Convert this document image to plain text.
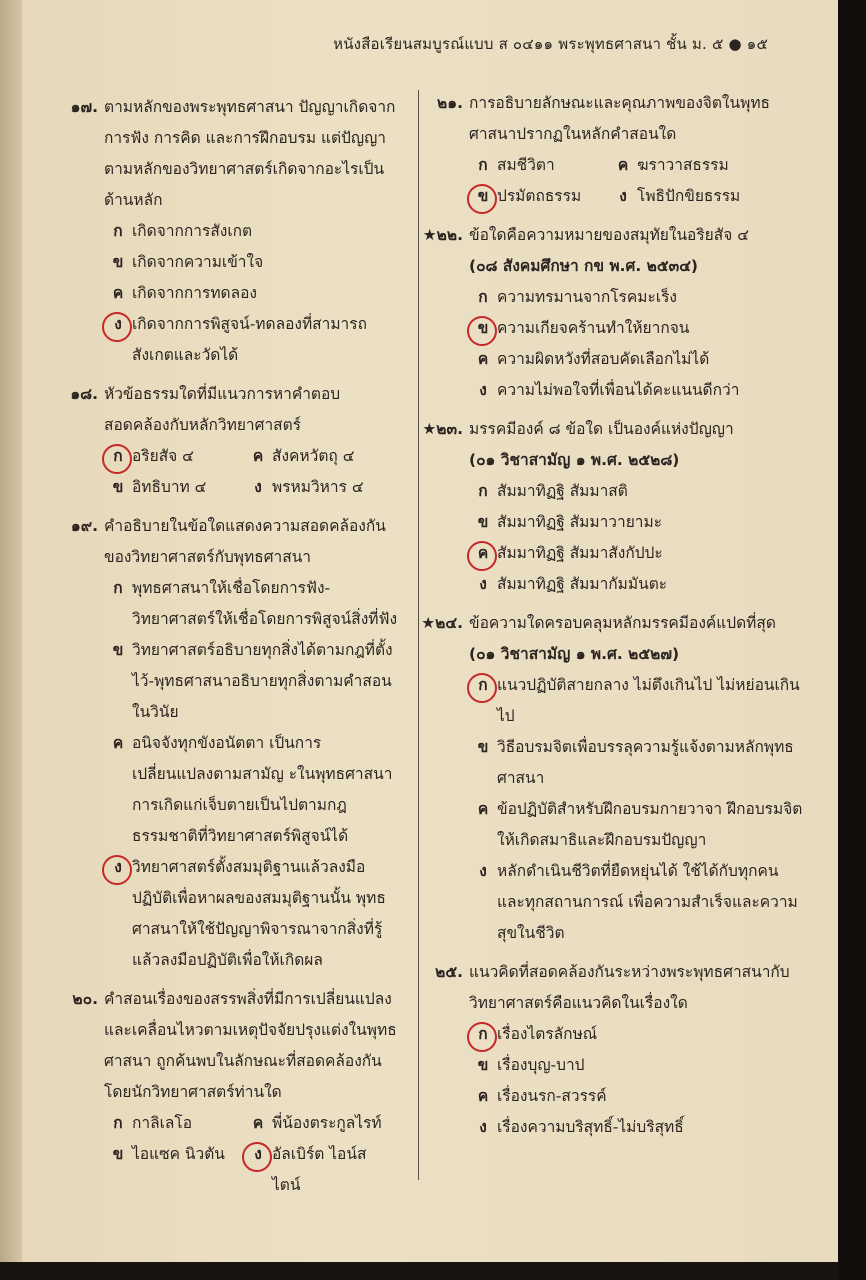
หนังสือเรียนสมบูรณ์แบบ ส ๐๔๑๑ พระพุทธศาสนา ชั้น ม. ๕ ● ๑๕
๑๗. ตามหลักของพระพุทธศาสนา ปัญญาเกิดจาก การฟัง การคิด และการฝึกอบรม แต่ปัญญาตามหลักของวิทยาศาสตร์เกิดจากอะไรเป็นด้านหลัก
ก เกิดจากการสังเกต
ข เกิดจากความเข้าใจ
ค เกิดจากการทดลอง
ง เกิดจากการพิสูจน์-ทดลองที่สามารถสังเกตและวัดได้
๑๘. หัวข้อธรรมใดที่มีแนวการหาคำตอบสอดคล้องกับหลักวิทยาศาสตร์
ก อริยสัจ ๔	ค สังคหวัตถุ ๔
ข อิทธิบาท ๔	ง พรหมวิหาร ๔
๑๙. คำอธิบายในข้อใดแสดงความสอดคล้องกันของวิทยาศาสตร์กับพุทธศาสนา
ก พุทธศาสนาให้เชื่อโดยการฟัง-วิทยาศาสตร์ให้เชื่อโดยการพิสูจน์สิ่งที่ฟัง
ข วิทยาศาสตร์อธิบายทุกสิ่งได้ตามกฎที่ตั้งไว้-พุทธศาสนาอธิบายทุกสิ่งตามคำสอนในวินัย
ค อนิจจังทุกขังอนัตตา เป็นการเปลี่ยนแปลงตามสามัญ ะในพุทธศาสนา การเกิดแก่เจ็บตายเป็นไปตามกฎธรรมชาติที่วิทยาศาสตร์พิสูจน์ได้
ง วิทยาศาสตร์ตั้งสมมุติฐานแล้วลงมือปฏิบัติเพื่อหาผลของสมมุติฐานนั้น พุทธศาสนาให้ใช้ปัญญาพิจารณาจากสิ่งที่รู้แล้วลงมือปฏิบัติเพื่อให้เกิดผล
๒๐. คำสอนเรื่องของสรรพสิ่งที่มีการเปลี่ยนแปลงและเคลื่อนไหวตามเหตุปัจจัยปรุงแต่งในพุทธศาสนา ถูกค้นพบในลักษณะที่สอดคล้องกันโดยนักวิทยาศาสตร์ท่านใด
ก กาลิเลโอ	ค พี่น้องตระกูลไรท์
ข ไอแซค นิวตัน	ง อัลเบิร์ต ไอน์สไตน์
๒๑. การอธิบายลักษณะและคุณภาพของจิตในพุทธศาสนาปรากฏในหลักคำสอนใด
ก สมชีวิตา	ค ฆราวาสธรรม
ข ปรมัตถธรรม	ง โพธิปักขิยธรรม
★๒๒. ข้อใดคือความหมายของสมุทัยในอริยสัจ ๔
(๐๘ สังคมศึกษา กข พ.ศ. ๒๕๓๔)
ก ความทรมานจากโรคมะเร็ง
ข ความเกียจคร้านทำให้ยากจน
ค ความผิดหวังที่สอบคัดเลือกไม่ได้
ง ความไม่พอใจที่เพื่อนได้คะแนนดีกว่า
★๒๓. มรรคมีองค์ ๘ ข้อใด เป็นองค์แห่งปัญญา
(๐๑ วิชาสามัญ ๑ พ.ศ. ๒๕๒๘)
ก สัมมาทิฏฐิ สัมมาสติ
ข สัมมาทิฏฐิ สัมมาวายามะ
ค สัมมาทิฏฐิ สัมมาสังกัปปะ
ง สัมมาทิฏฐิ สัมมากัมมันตะ
★๒๔. ข้อความใดครอบคลุมหลักมรรคมีองค์แปดที่สุด
(๐๑ วิชาสามัญ ๑ พ.ศ. ๒๕๒๗)
ก แนวปฏิบัติสายกลาง ไม่ตึงเกินไป ไม่หย่อนเกินไป
ข วิธีอบรมจิตเพื่อบรรลุความรู้แจ้งตามหลักพุทธศาสนา
ค ข้อปฏิบัติสำหรับฝึกอบรมกายวาจา ฝึกอบรมจิตให้เกิดสมาธิและฝึกอบรมปัญญา
ง หลักดำเนินชีวิตที่ยืดหยุ่นได้ ใช้ได้กับทุกคนและทุกสถานการณ์ เพื่อความสำเร็จและความสุขในชีวิต
๒๕. แนวคิดที่สอดคล้องกันระหว่างพระพุทธศาสนากับวิทยาศาสตร์คือแนวคิดในเรื่องใด
ก เรื่องไตรลักษณ์
ข เรื่องบุญ-บาป
ค เรื่องนรก-สวรรค์
ง เรื่องความบริสุทธิ์-ไม่บริสุทธิ์
